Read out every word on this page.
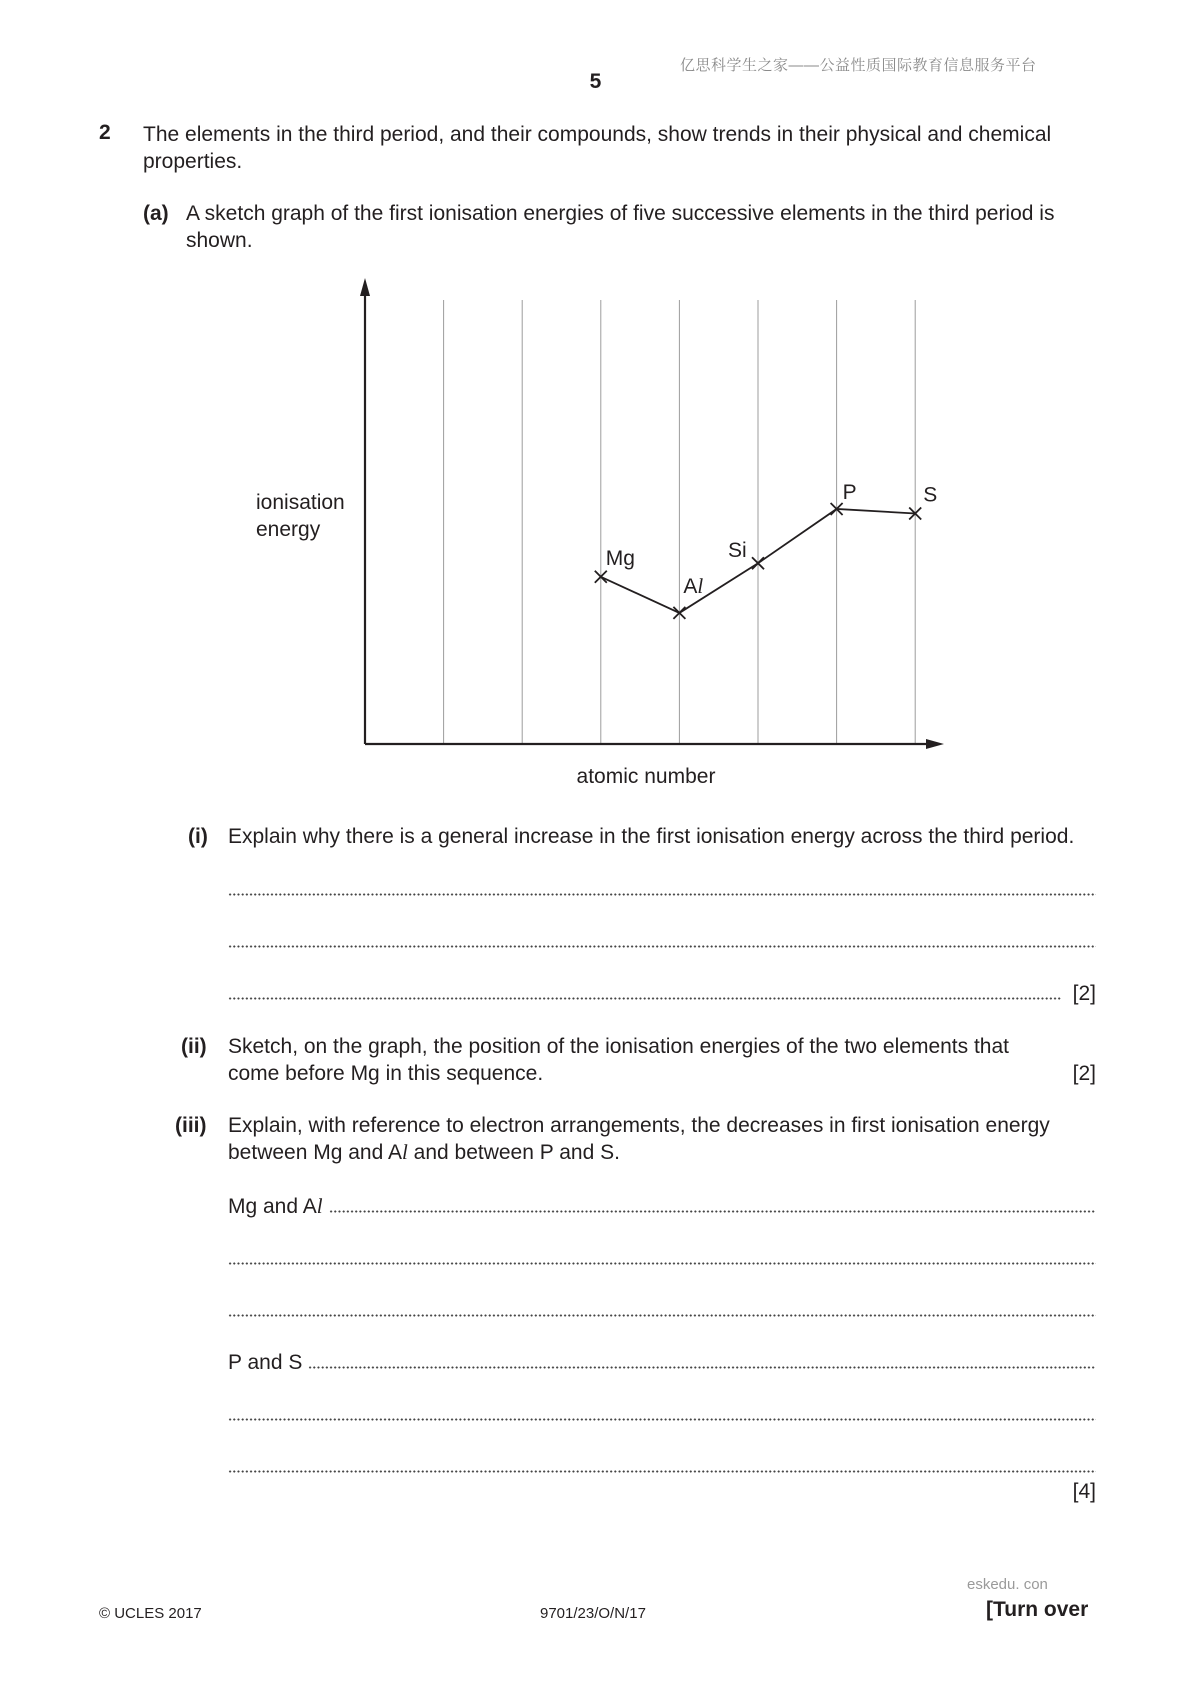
亿思科学生之家——公益性质国际教育信息服务平台
5
2 The elements in the third period, and their compounds, show trends in their physical and chemical properties.
(a) A sketch graph of the first ionisation energies of five successive elements in the third period is shown.
ionisation
energy
atomic number
Mg
Al
Si
P	S
(i) Explain why there is a general increase in the first ionisation energy across the third period.
[2]
(ii) Sketch, on the graph, the position of the ionisation energies of the two elements that come before Mg in this sequence.	[2]
(iii) Explain, with reference to electron arrangements, the decreases in first ionisation energy between Mg and Al and between P and S.
Mg and Al
P and S
[4]
eskedu. con
© UCLES 2017	9701/23/O/N/17	[Turn over
